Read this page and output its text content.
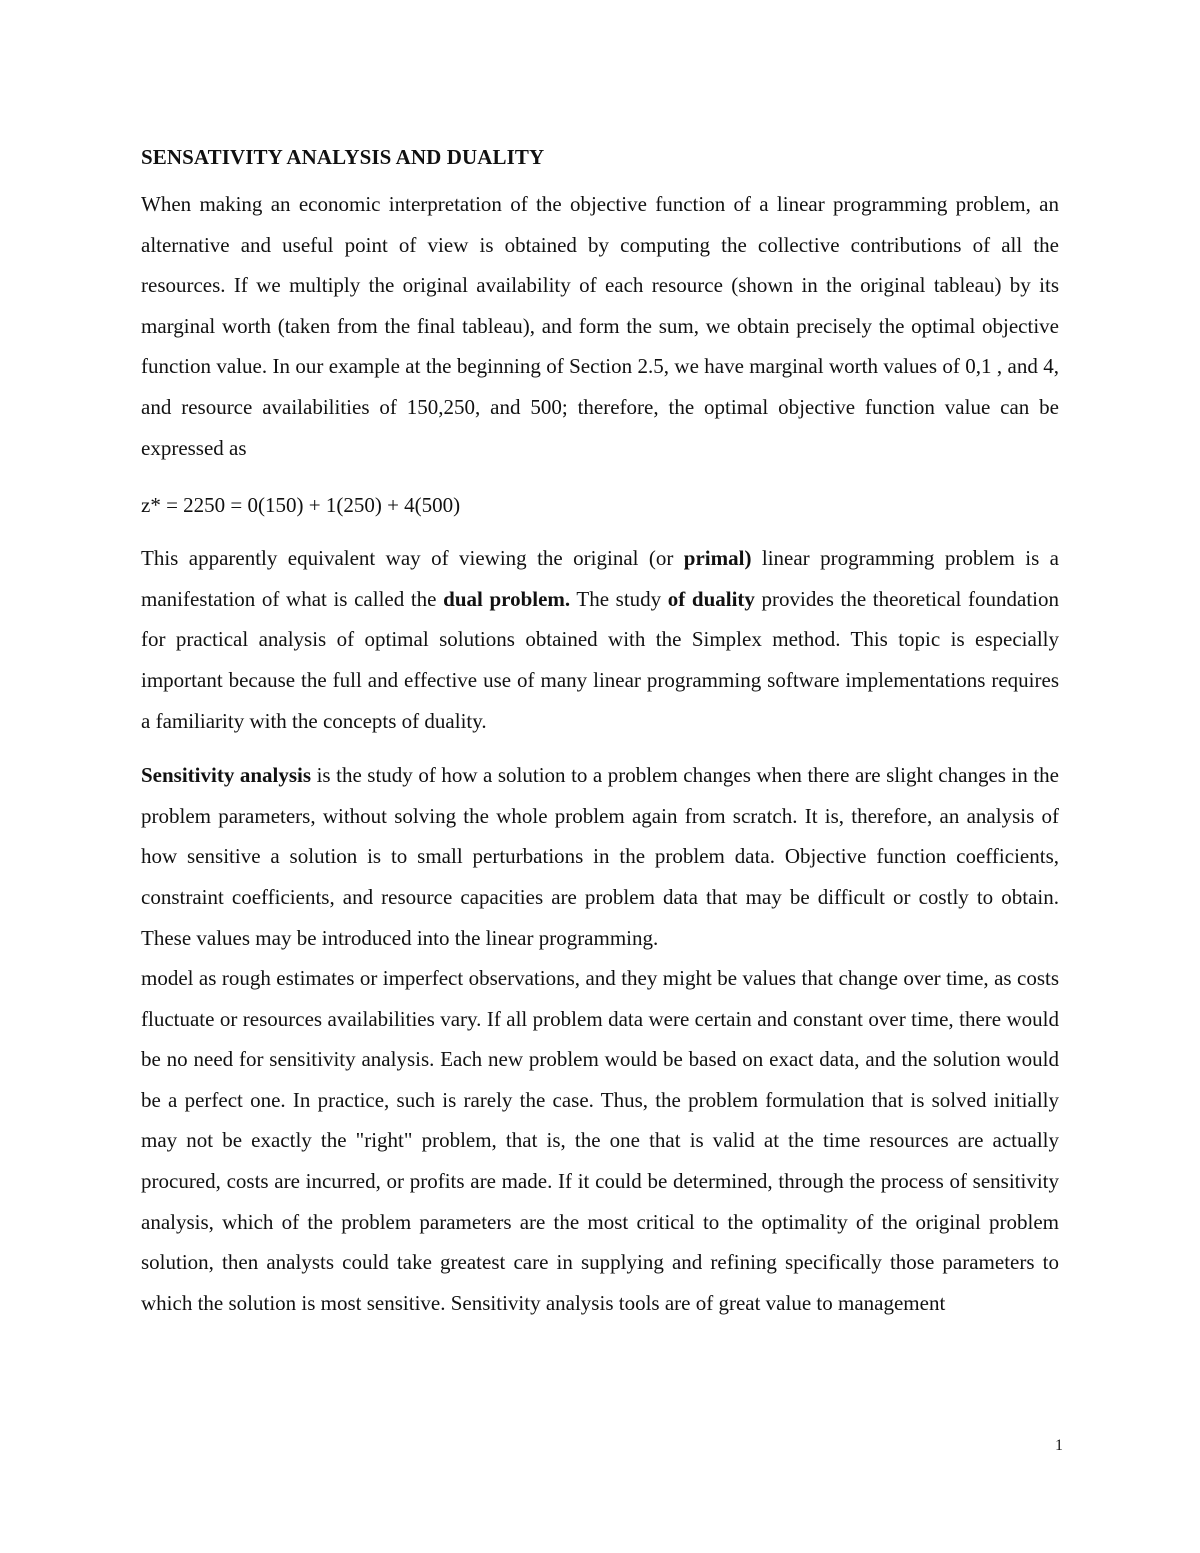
SENSATIVITY ANALYSIS AND DUALITY

When making an economic interpretation of the objective function of a linear programming problem, an alternative and useful point of view is obtained by computing the collective contributions of all the resources. If we multiply the original availability of each resource (shown in the original tableau) by its marginal worth (taken from the final tableau), and form the sum, we obtain precisely the optimal objective function value. In our example at the beginning of Section 2.5, we have marginal worth values of 0,1 , and 4, and resource availabilities of 150,250, and 500; therefore, the optimal objective function value can be expressed as

z* = 2250 = 0(150) + 1(250) + 4(500)

This apparently equivalent way of viewing the original (or primal) linear programming problem is a manifestation of what is called the dual problem. The study of duality provides the theoretical foundation for practical analysis of optimal solutions obtained with the Simplex method. This topic is especially important because the full and effective use of many linear programming software implementations requires a familiarity with the concepts of duality.

Sensitivity analysis is the study of how a solution to a problem changes when there are slight changes in the problem parameters, without solving the whole problem again from scratch. It is, therefore, an analysis of how sensitive a solution is to small perturbations in the problem data. Objective function coefficients, constraint coefficients, and resource capacities are problem data that may be difficult or costly to obtain. These values may be introduced into the linear programming.

model as rough estimates or imperfect observations, and they might be values that change over time, as costs fluctuate or resources availabilities vary. If all problem data were certain and constant over time, there would be no need for sensitivity analysis. Each new problem would be based on exact data, and the solution would be a perfect one. In practice, such is rarely the case. Thus, the problem formulation that is solved initially may not be exactly the "right" problem, that is, the one that is valid at the time resources are actually procured, costs are incurred, or profits are made. If it could be determined, through the process of sensitivity analysis, which of the problem parameters are the most critical to the optimality of the original problem solution, then analysts could take greatest care in supplying and refining specifically those parameters to which the solution is most sensitive. Sensitivity analysis tools are of great value to management

1
